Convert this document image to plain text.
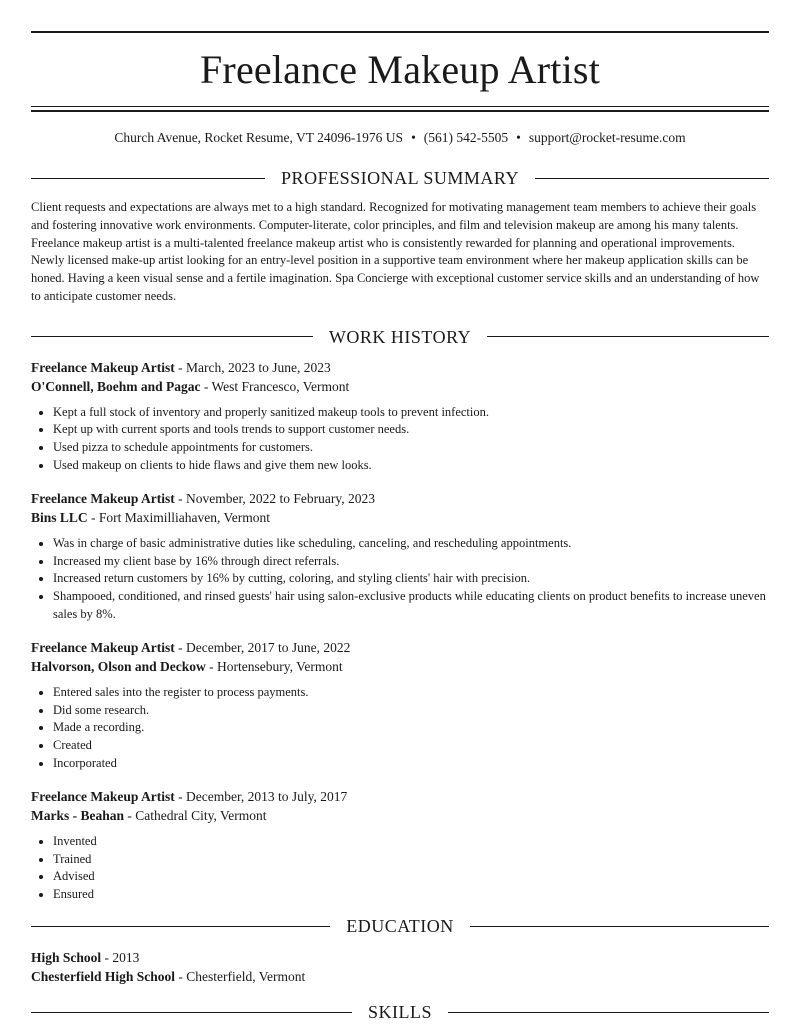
Freelance Makeup Artist
Church Avenue, Rocket Resume, VT 24096-1976 US • (561) 542-5505 • support@rocket-resume.com
PROFESSIONAL SUMMARY

Client requests and expectations are always met to a high standard. Recognized for motivating management team members to achieve their goals and fostering innovative work environments. Computer-literate, color principles, and film and television makeup are among his many talents. Freelance makeup artist is a multi-talented freelance makeup artist who is consistently rewarded for planning and operational improvements. Newly licensed make-up artist looking for an entry-level position in a supportive team environment where her makeup application skills can be honed. Having a keen visual sense and a fertile imagination. Spa Concierge with exceptional customer service skills and an understanding of how to anticipate customer needs.

WORK HISTORY
Freelance Makeup Artist - March, 2023 to June, 2023
O'Connell, Boehm and Pagac - West Francesco, Vermont
• Kept a full stock of inventory and properly sanitized makeup tools to prevent infection.
• Kept up with current sports and tools trends to support customer needs.
• Used pizza to schedule appointments for customers.
• Used makeup on clients to hide flaws and give them new looks.
Freelance Makeup Artist - November, 2022 to February, 2023
Bins LLC - Fort Maximilliahaven, Vermont
• Was in charge of basic administrative duties like scheduling, canceling, and rescheduling appointments.
• Increased my client base by 16% through direct referrals.
• Increased return customers by 16% by cutting, coloring, and styling clients' hair with precision.
• Shampooed, conditioned, and rinsed guests' hair using salon-exclusive products while educating clients on product benefits to increase uneven sales by 8%.
Freelance Makeup Artist - December, 2017 to June, 2022
Halvorson, Olson and Deckow - Hortensebury, Vermont
• Entered sales into the register to process payments.
• Did some research.
• Made a recording.
• Created
• Incorporated
Freelance Makeup Artist - December, 2013 to July, 2017
Marks - Beahan - Cathedral City, Vermont
• Invented
• Trained
• Advised
• Ensured
EDUCATION
High School - 2013
Chesterfield High School - Chesterfield, Vermont
SKILLS
